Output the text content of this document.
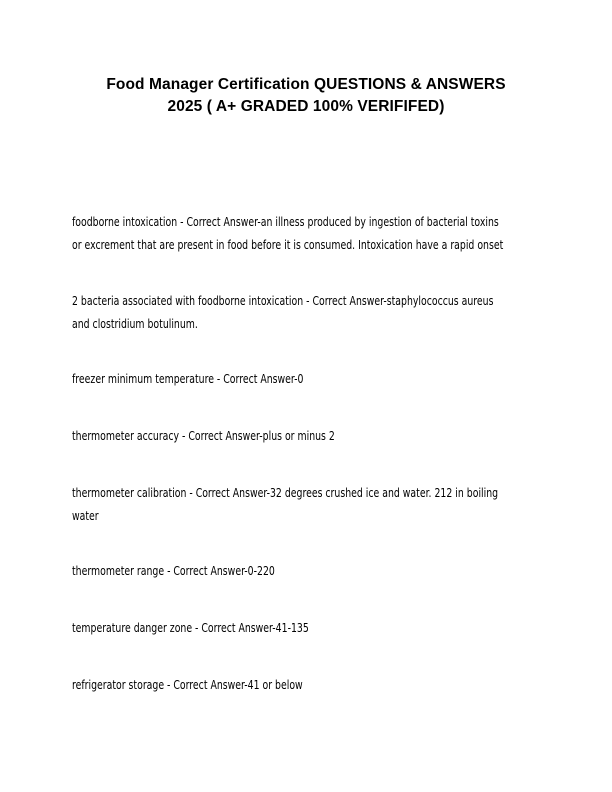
Food Manager Certification QUESTIONS & ANSWERS
2025 ( A+ GRADED 100% VERIFIFED)
foodborne intoxication - Correct Answer-an illness produced by ingestion of bacterial toxins
or excrement that are present in food before it is consumed. Intoxication have a rapid onset
2 bacteria associated with foodborne intoxication - Correct Answer-staphylococcus aureus
and clostridium botulinum.
freezer minimum temperature - Correct Answer-0
thermometer accuracy - Correct Answer-plus or minus 2
thermometer calibration - Correct Answer-32 degrees crushed ice and water. 212 in boiling
water
thermometer range - Correct Answer-0-220
temperature danger zone - Correct Answer-41-135
refrigerator storage - Correct Answer-41 or below
